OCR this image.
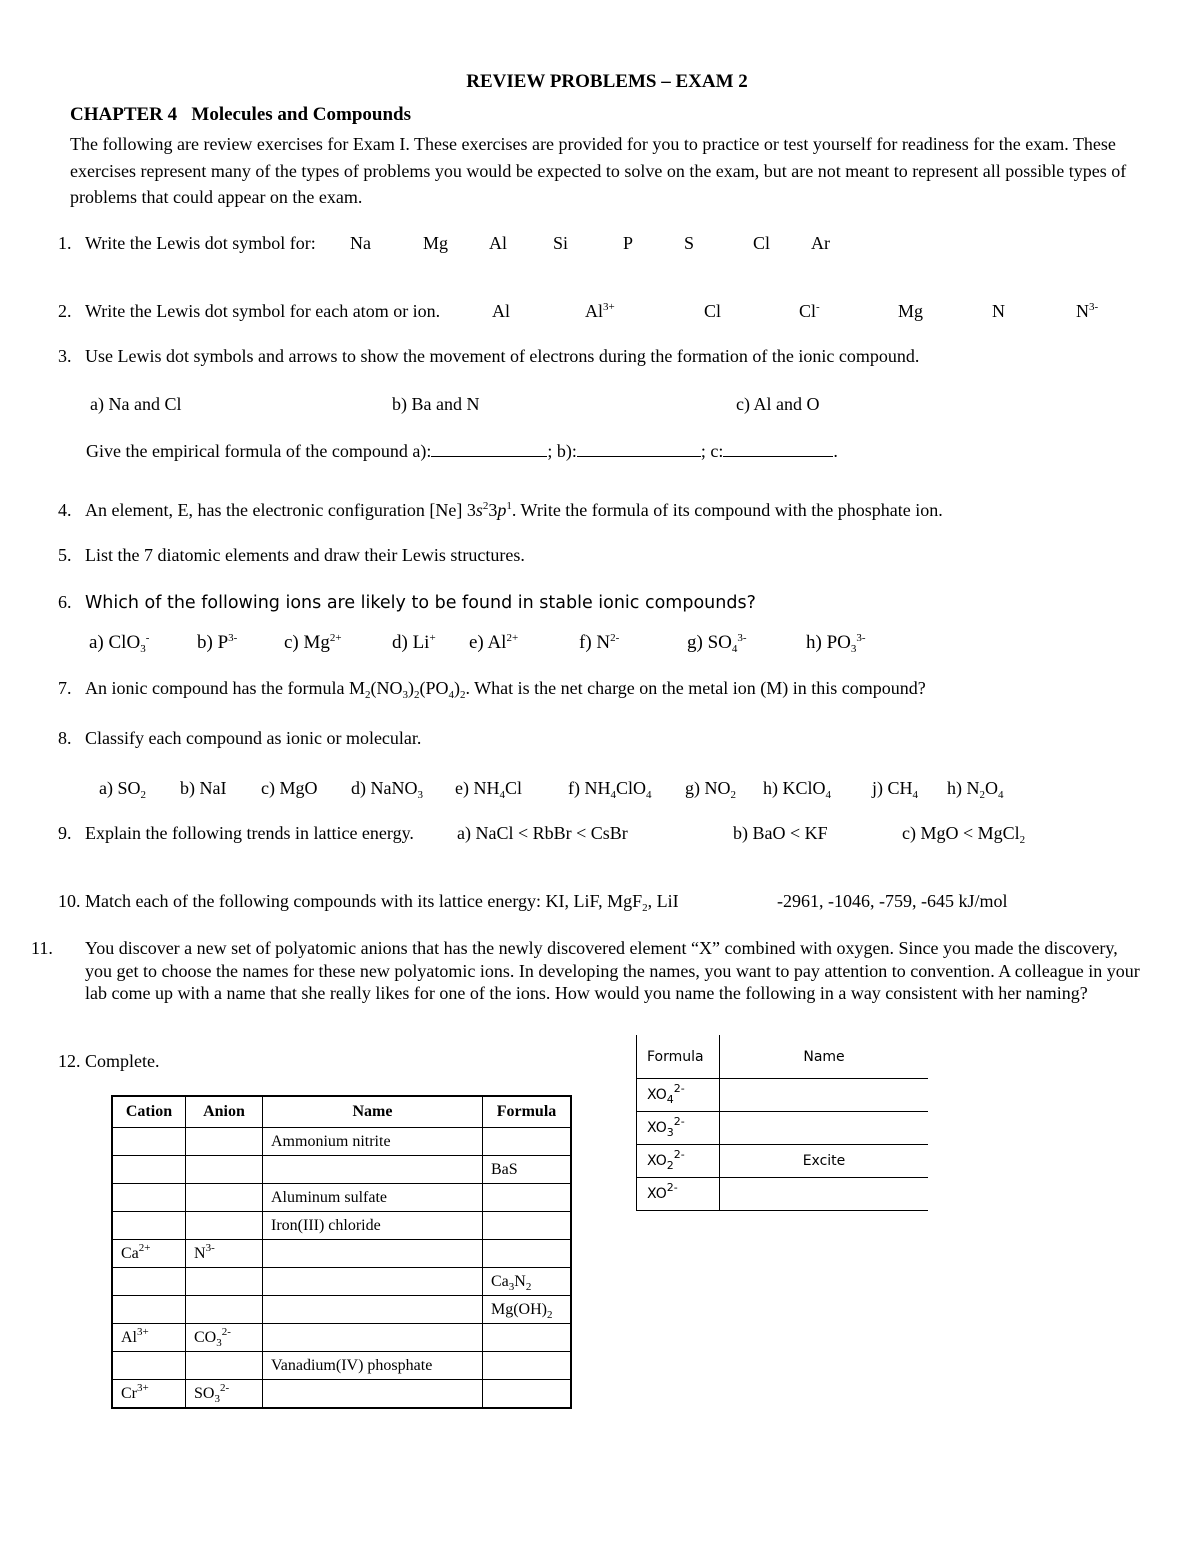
REVIEW PROBLEMS – EXAM 2
CHAPTER 4 Molecules and Compounds
The following are review exercises for Exam I. These exercises are provided for you to practice or test yourself for readiness for the exam. These exercises represent many of the types of problems you would be expected to solve on the exam, but are not meant to represent all possible types of problems that could appear on the exam.
1. Write the Lewis dot symbol for: Na	Mg Al	Si	P	S	Cl Ar
2. Write the Lewis dot symbol for each atom or ion.	Al	$Al^{3+}$	Cl	Cl-	Mg	N	$N^{3-}$
3. Use Lewis dot symbols and arrows to show the movement of electrons during the formation of the ionic compound.
a) Na and Cl	b) Ba and N	c) Al and O
Give the empirical formula of the compound a):	; b):	; c:	.
4. An element, E, has the electronic configuration [Ne] $3s^23p^1$. Write the formula of its compound with the phosphate ion.
5. List the 7 diatomic elements and draw their Lewis structures.
6. Which of the following ions are likely to be found in stable ionic compounds?
a) ClO$_3$-	b) $P^{3-}$ c) $Mg^{2+}$	d) Li+ e) $Al^{2+}$	f) $N^{2-}$	g) $SO_4^{3-}$	h) $PO_3^{3-}$
7. An ionic compound has the formula $M_2(NO_3)_2(PO_4)_2$. What is the net charge on the metal ion (M) in this compound?
8. Classify each compound as ionic or molecular.
a) $SO_2$ b) NaI c) MgO d) NaNO$_3$ e) $NH_4Cl$	f) $NH_4ClO_4$ g) $NO_2$ h) KClO$_4$ j) $CH_4$ h) $N_2O_4$
9. Explain the following trends in lattice energy. a) NaCl < RbBr < CsBr	b) BaO < KF	c) MgO < MgCl$_2$
10. Match each of the following compounds with its lattice energy: KI, LiF, MgF$_2$, LiI	-2961, -1046, -759, -645 kJ/mol
11. You discover a new set of polyatomic anions that has the newly discovered element “X” combined with oxygen. Since you made the discovery, you get to choose the names for these new polyatomic ions. In developing the names, you want to pay attention to convention. A colleague in your lab come up with a name that she really likes for one of the ions. How would you name the following in a way consistent with her naming?
12. Complete.	Formula	Name
$XO_4^{2-}$	
$XO_3^{2-}$	
$XO_2^{2-}$	Excite
$XO^{2-}$	
Cation	Anion	Name	Formula
		Ammonium nitrite	
			BaS
		Aluminum sulfate	
		Iron(III) chloride	
$Ca^{2+}$	$N^{3-}$		
			$Ca_3N_2$
			$Mg(OH)_2$
$Al^{3+}$	$CO_3^{2-}$		
		Vanadium(IV) phosphate	
$Cr^{3+}$	$SO_3^{2-}$		
